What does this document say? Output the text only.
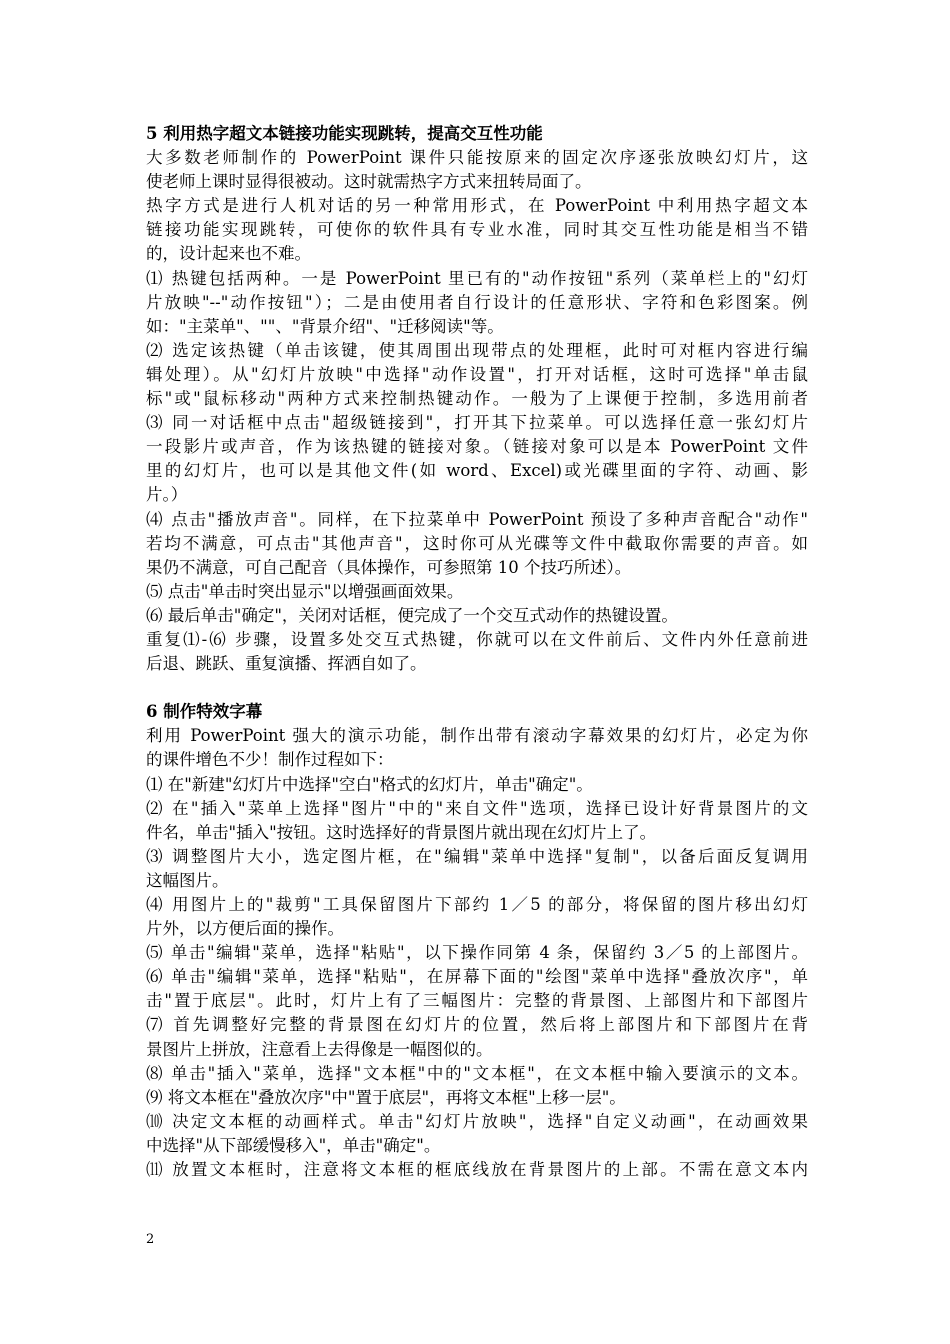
5 利用热字超文本链接功能实现跳转，提高交互性功能
大多数老师制作的 PowerPoint 课件只能按原来的固定次序逐张放映幻灯片，这
使老师上课时显得很被动。这时就需热字方式来扭转局面了。
热字方式是进行人机对话的另一种常用形式，在 PowerPoint 中利用热字超文本
链接功能实现跳转，可使你的软件具有专业水准，同时其交互性功能是相当不错
的，设计起来也不难。
⑴ 热键包括两种。一是 PowerPoint 里已有的"动作按钮"系列（菜单栏上的"幻灯
片放映"--"动作按钮"）；二是由使用者自行设计的任意形状、字符和色彩图案。例
如："主菜单"、""、"背景介绍"、"迁移阅读"等。
⑵ 选定该热键（单击该键，使其周围出现带点的处理框，此时可对框内容进行编
辑处理）。从"幻灯片放映"中选择"动作设置"，打开对话框，这时可选择"单击鼠
标"或"鼠标移动"两种方式来控制热键动作。一般为了上课便于控制，多选用前者
⑶ 同一对话框中点击"超级链接到"，打开其下拉菜单。可以选择任意一张幻灯片
一段影片或声音，作为该热键的链接对象。（链接对象可以是本 PowerPoint 文件
里的幻灯片，也可以是其他文件(如 word、Excel)或光碟里面的字符、动画、影
片。）
⑷ 点击"播放声音"。同样，在下拉菜单中 PowerPoint 预设了多种声音配合"动作"
若均不满意，可点击"其他声音"，这时你可从光碟等文件中截取你需要的声音。如
果仍不满意，可自己配音（具体操作，可参照第 10 个技巧所述）。
⑸ 点击"单击时突出显示"以增强画面效果。
⑹ 最后单击"确定"，关闭对话框，便完成了一个交互式动作的热键设置。
重复⑴-⑹ 步骤，设置多处交互式热键，你就可以在文件前后、文件内外任意前进
后退、跳跃、重复演播、挥洒自如了。
6 制作特效字幕
利用 PowerPoint 强大的演示功能，制作出带有滚动字幕效果的幻灯片，必定为你
的课件增色不少！制作过程如下：
⑴ 在"新建"幻灯片中选择"空白"格式的幻灯片，单击"确定"。
⑵ 在"插入"菜单上选择"图片"中的"来自文件"选项，选择已设计好背景图片的文
件名，单击"插入"按钮。这时选择好的背景图片就出现在幻灯片上了。
⑶ 调整图片大小，选定图片框，在"编辑"菜单中选择"复制"，以备后面反复调用
这幅图片。
⑷ 用图片上的"裁剪"工具保留图片下部约 1／5 的部分，将保留的图片移出幻灯
片外，以方便后面的操作。
⑸ 单击"编辑"菜单，选择"粘贴"，以下操作同第 4 条，保留约 3／5 的上部图片。
⑹ 单击"编辑"菜单，选择"粘贴"，在屏幕下面的"绘图"菜单中选择"叠放次序"，单
击"置于底层"。此时，灯片上有了三幅图片：完整的背景图、上部图片和下部图片
⑺ 首先调整好完整的背景图在幻灯片的位置，然后将上部图片和下部图片在背
景图片上拼放，注意看上去得像是一幅图似的。
⑻ 单击"插入"菜单，选择"文本框"中的"文本框"，在文本框中输入要演示的文本。
⑼ 将文本框在"叠放次序"中"置于底层"，再将文本框"上移一层"。
⑽ 决定文本框的动画样式。单击"幻灯片放映"，选择"自定义动画"，在动画效果
中选择"从下部缓慢移入"，单击"确定"。
⑾ 放置文本框时，注意将文本框的框底线放在背景图片的上部。不需在意文本内
2
